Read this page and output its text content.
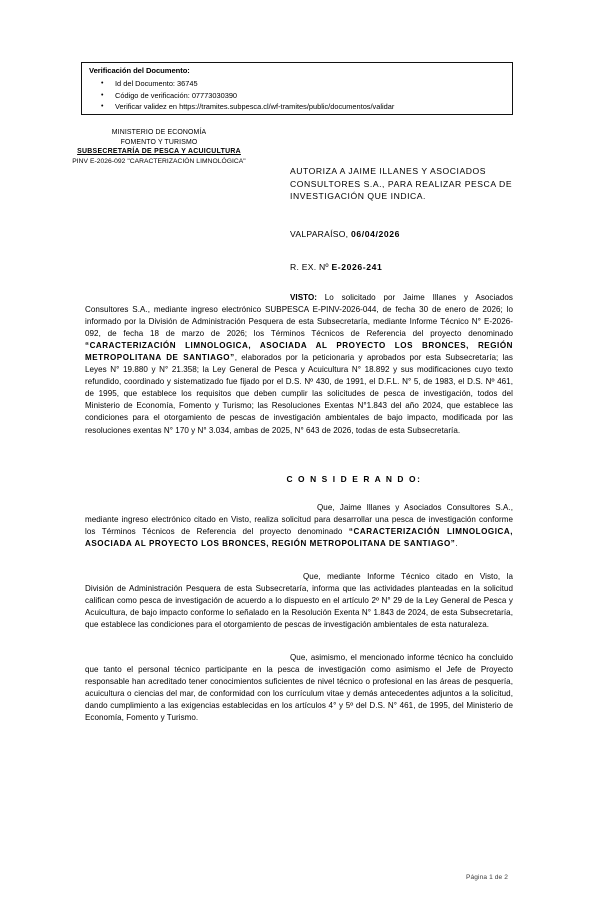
Verificación del Documento:
• Id del Documento: 36745
• Código de verificación: 07773030390
• Verificar validez en https://tramites.subpesca.cl/wf-tramites/public/documentos/validar
MINISTERIO DE ECONOMÍA
FOMENTO Y TURISMO
SUBSECRETARÍA DE PESCA Y ACUICULTURA
PINV E-2026-092 "CARACTERIZACIÓN LIMNOLÓGICA"
AUTORIZA A JAIME ILLANES Y ASOCIADOS CONSULTORES S.A., PARA REALIZAR PESCA DE INVESTIGACIÓN QUE INDICA.
VALPARAÍSO, 06/04/2026
R. EX. Nº E-2026-241

VISTO: Lo solicitado por Jaime Illanes y Asociados Consultores S.A., mediante ingreso electrónico SUBPESCA E-PINV-2026-044, de fecha 30 de enero de 2026; lo informado por la División de Administración Pesquera de esta Subsecretaría, mediante Informe Técnico N° E-2026-092, de fecha 18 de marzo de 2026; los Términos Técnicos de Referencia del proyecto denominado “CARACTERIZACIÓN LIMNOLOGICA, ASOCIADA AL PROYECTO LOS BRONCES, REGIÓN METROPOLITANA DE SANTIAGO”, elaborados por la peticionaria y aprobados por esta Subsecretaría; las Leyes N° 19.880 y N° 21.358; la Ley General de Pesca y Acuicultura N° 18.892 y sus modificaciones cuyo texto refundido, coordinado y sistematizado fue fijado por el D.S. Nº 430, de 1991, el D.F.L. N° 5, de 1983, el D.S. Nº 461, de 1995, que establece los requisitos que deben cumplir las solicitudes de pesca de investigación, todos del Ministerio de Economía, Fomento y Turismo; las Resoluciones Exentas N°1.843 del año 2024, que establece las condiciones para el otorgamiento de pescas de investigación ambientales de bajo impacto, modificada por las resoluciones exentas N° 170 y N° 3.034, ambas de 2025, N° 643 de 2026, todas de esta Subsecretaría.

C O N S I D E R A N D O:

Que, Jaime Illanes y Asociados Consultores S.A., mediante ingreso electrónico citado en Visto, realiza solicitud para desarrollar una pesca de investigación conforme los Términos Técnicos de Referencia del proyecto denominado “CARACTERIZACIÓN LIMNOLOGICA, ASOCIADA AL PROYECTO LOS BRONCES, REGIÓN METROPOLITANA DE SANTIAGO”.

Que, mediante Informe Técnico citado en Visto, la División de Administración Pesquera de esta Subsecretaría, informa que las actividades planteadas en la solicitud califican como pesca de investigación de acuerdo a lo dispuesto en el artículo 2º N° 29 de la Ley General de Pesca y Acuicultura, de bajo impacto conforme lo señalado en la Resolución Exenta N° 1.843 de 2024, de esta Subsecretaría, que establece las condiciones para el otorgamiento de pescas de investigación ambientales de esta naturaleza.

Que, asimismo, el mencionado informe técnico ha concluido que tanto el personal técnico participante en la pesca de investigación como asimismo el Jefe de Proyecto responsable han acreditado tener conocimientos suficientes de nivel técnico o profesional en las áreas de pesquería, acuicultura o ciencias del mar, de conformidad con los currículum vitae y demás antecedentes adjuntos a la solicitud, dando cumplimiento a las exigencias establecidas en los artículos 4° y 5º del D.S. N° 461, de 1995, del Ministerio de Economía, Fomento y Turismo.

Página 1 de 2
